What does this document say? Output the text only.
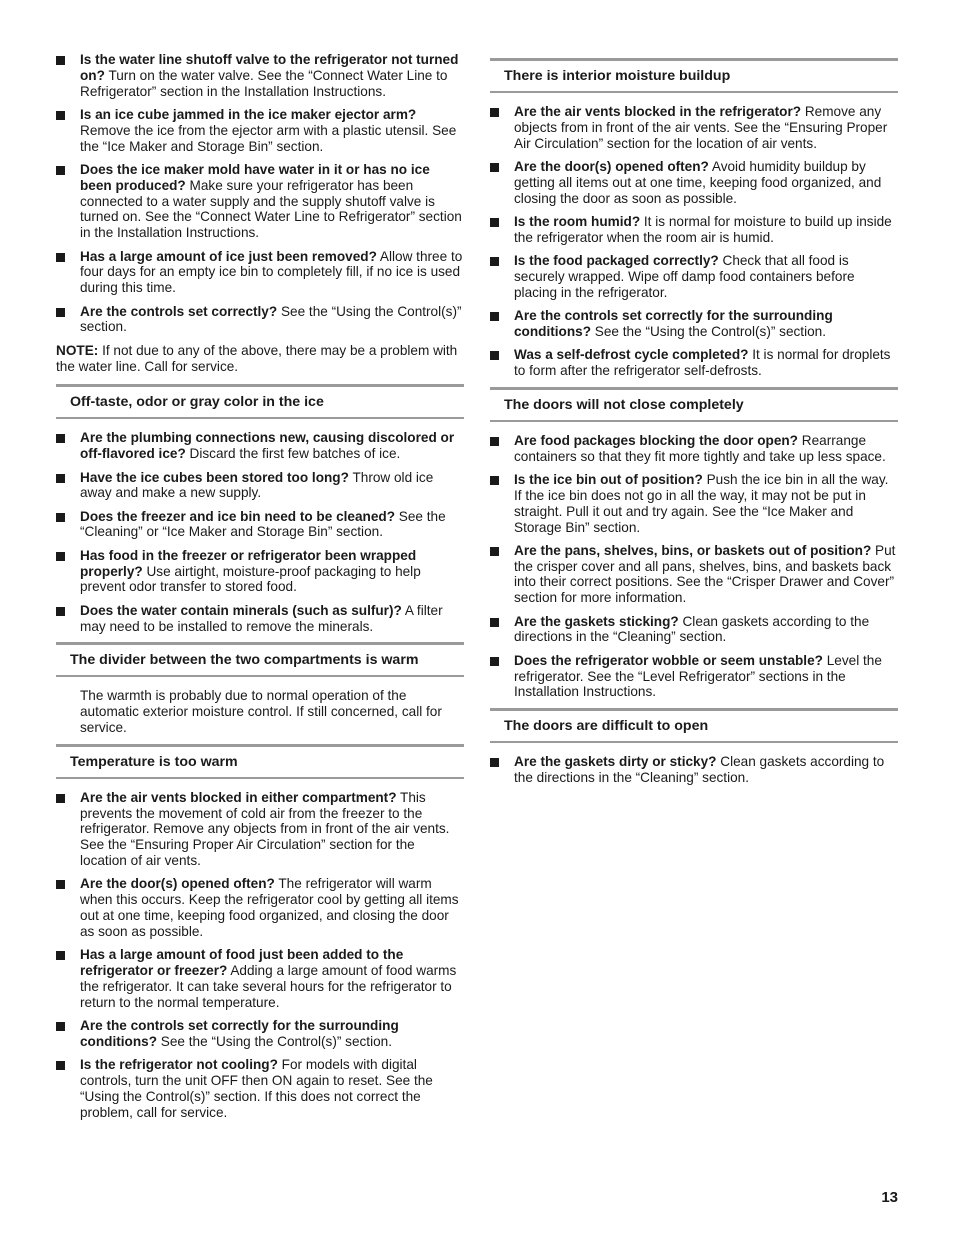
Is the water line shutoff valve to the refrigerator not turned on? Turn on the water valve. See the “Connect Water Line to Refrigerator” section in the Installation Instructions.
Is an ice cube jammed in the ice maker ejector arm? Remove the ice from the ejector arm with a plastic utensil. See the “Ice Maker and Storage Bin” section.
Does the ice maker mold have water in it or has no ice been produced? Make sure your refrigerator has been connected to a water supply and the supply shutoff valve is turned on. See the “Connect Water Line to Refrigerator” section in the Installation Instructions.
Has a large amount of ice just been removed? Allow three to four days for an empty ice bin to completely fill, if no ice is used during this time.
Are the controls set correctly? See the “Using the Control(s)” section.

NOTE: If not due to any of the above, there may be a problem with the water line. Call for service.

Off-taste, odor or gray color in the ice
Are the plumbing connections new, causing discolored or off-flavored ice? Discard the first few batches of ice.
Have the ice cubes been stored too long? Throw old ice away and make a new supply.
Does the freezer and ice bin need to be cleaned? See the “Cleaning” or “Ice Maker and Storage Bin” section.
Has food in the freezer or refrigerator been wrapped properly? Use airtight, moisture-proof packaging to help prevent odor transfer to stored food.
Does the water contain minerals (such as sulfur)? A filter may need to be installed to remove the minerals.
The divider between the two compartments is warm

The warmth is probably due to normal operation of the automatic exterior moisture control. If still concerned, call for service.

Temperature is too warm
Are the air vents blocked in either compartment? This prevents the movement of cold air from the freezer to the refrigerator. Remove any objects from in front of the air vents. See the “Ensuring Proper Air Circulation” section for the location of air vents.
Are the door(s) opened often? The refrigerator will warm when this occurs. Keep the refrigerator cool by getting all items out at one time, keeping food organized, and closing the door as soon as possible.
Has a large amount of food just been added to the refrigerator or freezer? Adding a large amount of food warms the refrigerator. It can take several hours for the refrigerator to return to the normal temperature.
Are the controls set correctly for the surrounding conditions? See the “Using the Control(s)” section.
Is the refrigerator not cooling? For models with digital controls, turn the unit OFF then ON again to reset. See the “Using the Control(s)” section. If this does not correct the problem, call for service.
There is interior moisture buildup
Are the air vents blocked in the refrigerator? Remove any objects from in front of the air vents. See the “Ensuring Proper Air Circulation” section for the location of air vents.
Are the door(s) opened often? Avoid humidity buildup by getting all items out at one time, keeping food organized, and closing the door as soon as possible.
Is the room humid? It is normal for moisture to build up inside the refrigerator when the room air is humid.
Is the food packaged correctly? Check that all food is securely wrapped. Wipe off damp food containers before placing in the refrigerator.
Are the controls set correctly for the surrounding conditions? See the “Using the Control(s)” section.
Was a self-defrost cycle completed? It is normal for droplets to form after the refrigerator self-defrosts.
The doors will not close completely
Are food packages blocking the door open? Rearrange containers so that they fit more tightly and take up less space.
Is the ice bin out of position? Push the ice bin in all the way. If the ice bin does not go in all the way, it may not be put in straight. Pull it out and try again. See the “Ice Maker and Storage Bin” section.
Are the pans, shelves, bins, or baskets out of position? Put the crisper cover and all pans, shelves, bins, and baskets back into their correct positions. See the “Crisper Drawer and Cover” section for more information.
Are the gaskets sticking? Clean gaskets according to the directions in the “Cleaning” section.
Does the refrigerator wobble or seem unstable? Level the refrigerator. See the “Level Refrigerator” sections in the Installation Instructions.
The doors are difficult to open
Are the gaskets dirty or sticky? Clean gaskets according to the directions in the “Cleaning” section.
13
